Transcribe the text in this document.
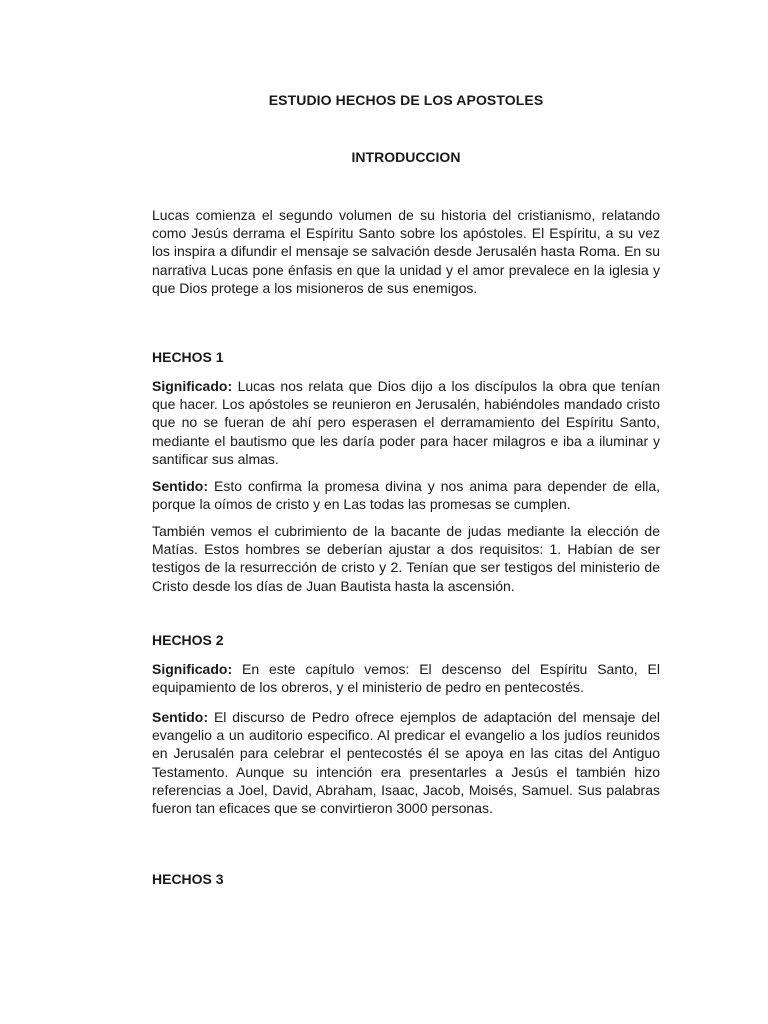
ESTUDIO HECHOS DE LOS APOSTOLES
INTRODUCCION

Lucas comienza el segundo volumen de su historia del cristianismo, relatando como Jesús derrama el Espíritu Santo sobre los apóstoles. El Espíritu, a su vez los inspira a difundir el mensaje se salvación desde Jerusalén hasta Roma. En su narrativa Lucas pone énfasis en que la unidad y el amor prevalece en la iglesia y que Dios protege a los misioneros de sus enemigos.

HECHOS 1

Significado: Lucas nos relata que Dios dijo a los discípulos la obra que tenían que hacer. Los apóstoles se reunieron en Jerusalén, habiéndoles mandado cristo que no se fueran de ahí pero esperasen el derramamiento del Espíritu Santo, mediante el bautismo que les daría poder para hacer milagros e iba a iluminar y santificar sus almas.

Sentido: Esto confirma la promesa divina y nos anima para depender de ella, porque la oímos de cristo y en Las todas las promesas se cumplen.

También vemos el cubrimiento de la bacante de judas mediante la elección de Matías. Estos hombres se deberían ajustar a dos requisitos: 1. Habían de ser testigos de la resurrección de cristo y 2. Tenían que ser testigos del ministerio de Cristo desde los días de Juan Bautista hasta la ascensión.

HECHOS 2

Significado: En este capítulo vemos: El descenso del Espíritu Santo, El equipamiento de los obreros, y el ministerio de pedro en pentecostés.

Sentido: El discurso de Pedro ofrece ejemplos de adaptación del mensaje del evangelio a un auditorio especifico. Al predicar el evangelio a los judíos reunidos en Jerusalén para celebrar el pentecostés él se apoya en las citas del Antiguo Testamento. Aunque su intención era presentarles a Jesús el también hizo referencias a Joel, David, Abraham, Isaac, Jacob, Moisés, Samuel. Sus palabras fueron tan eficaces que se convirtieron 3000 personas.

HECHOS 3
